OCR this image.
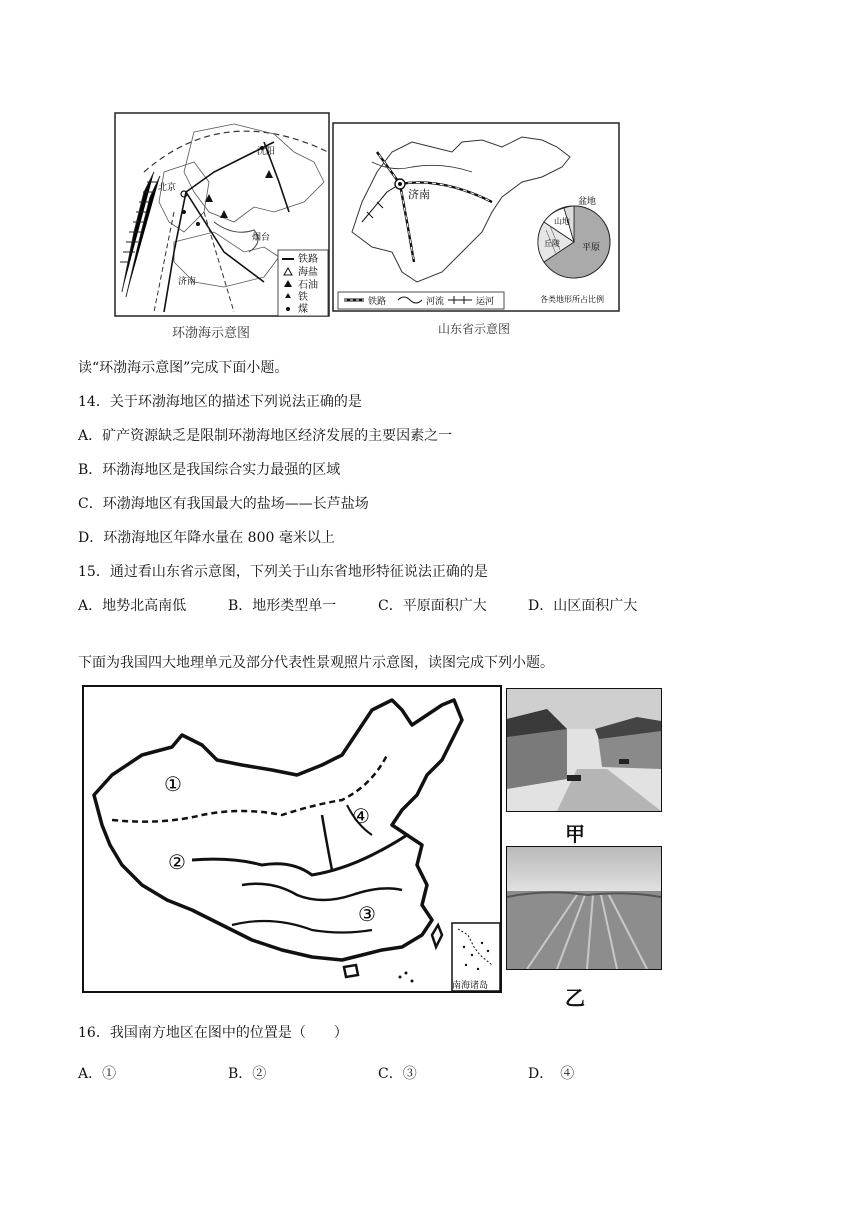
北京
沈阳
烟台
济南
铁路
海盐
石油
铁
煤
环渤海示意图
济南
盆地
山地
丘陵 平原
铁路	河流	运河	各类地形所占比例
山东省示意图
读“环渤海示意图”完成下面小题。
14．关于环渤海地区的描述下列说法正确的是
A．矿产资源缺乏是限制环渤海地区经济发展的主要因素之一
B．环渤海地区是我国综合实力最强的区域
C．环渤海地区有我国最大的盐场——长芦盐场
D．环渤海地区年降水量在 800 毫米以上
15．通过看山东省示意图，下列关于山东省地形特征说法正确的是
A．地势北高南低	B．地形类型单一	C．平原面积广大	D．山区面积广大
下面为我国四大地理单元及部分代表性景观照片示意图，读图完成下列小题。
①
②
③
④
南海诸岛
甲
乙
16．我国南方地区在图中的位置是（　　）
A．①	B．②	C．③	D．　④
